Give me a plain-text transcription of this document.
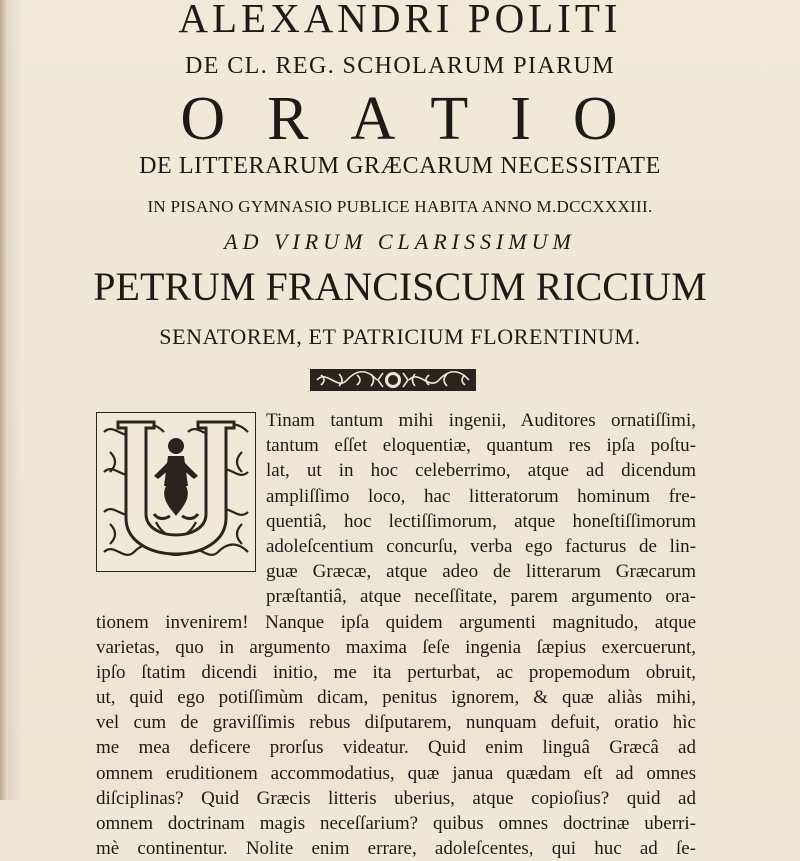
ALEXANDRI POLITI
DE CL. REG. SCHOLARUM PIARUM
ORATIO
DE LITTERARUM GRÆCARUM NECESSITATE
IN PISANO GYMNASIO PUBLICE HABITA ANNO M.DCCXXXIII.
AD VIRUM CLARISSIMUM
PETRUM FRANCISCUM RICCIUM
SENATOREM, ET PATRICIUM FLORENTINUM.
Tinam tantum mihi ingenii, Auditores ornatiſſimi,
tantum eſſet eloquentiæ, quantum res ipſa poſtu-
lat, ut in hoc celeberrimo, atque ad dicendum
ampliſſimo loco, hac litteratorum hominum fre-
quentiâ, hoc lectiſſimorum, atque honeſtiſſimorum
adoleſcentium concurſu, verba ego facturus de lin-
guæ Græcæ, atque adeo de litterarum Græcarum
præſtantiâ, atque neceſſitate, parem argumento ora-
tionem invenirem! Nanque ipſa quidem argumenti magnitudo, atque
varietas, quo in argumento maxima ſeſe ingenia ſæpius exercuerunt,
ipſo ſtatim dicendi initio, me ita perturbat, ac propemodum obruit,
ut, quid ego potiſſimùm dicam, penitus ignorem, & quæ aliàs mihi,
vel cum de graviſſimis rebus diſputarem, nunquam defuit, oratio hìc
me mea deficere prorſus videatur. Quid enim linguâ Græcâ ad
omnem eruditionem accommodatius, quæ janua quædam eſt ad omnes
diſciplinas? Quid Græcis litteris uberius, atque copioſius? quid ad
omnem doctrinam magis neceſſarium? quibus omnes doctrinæ uberri-
mè continentur. Nolite enim errare, adoleſcentes, qui huc ad ſe-
